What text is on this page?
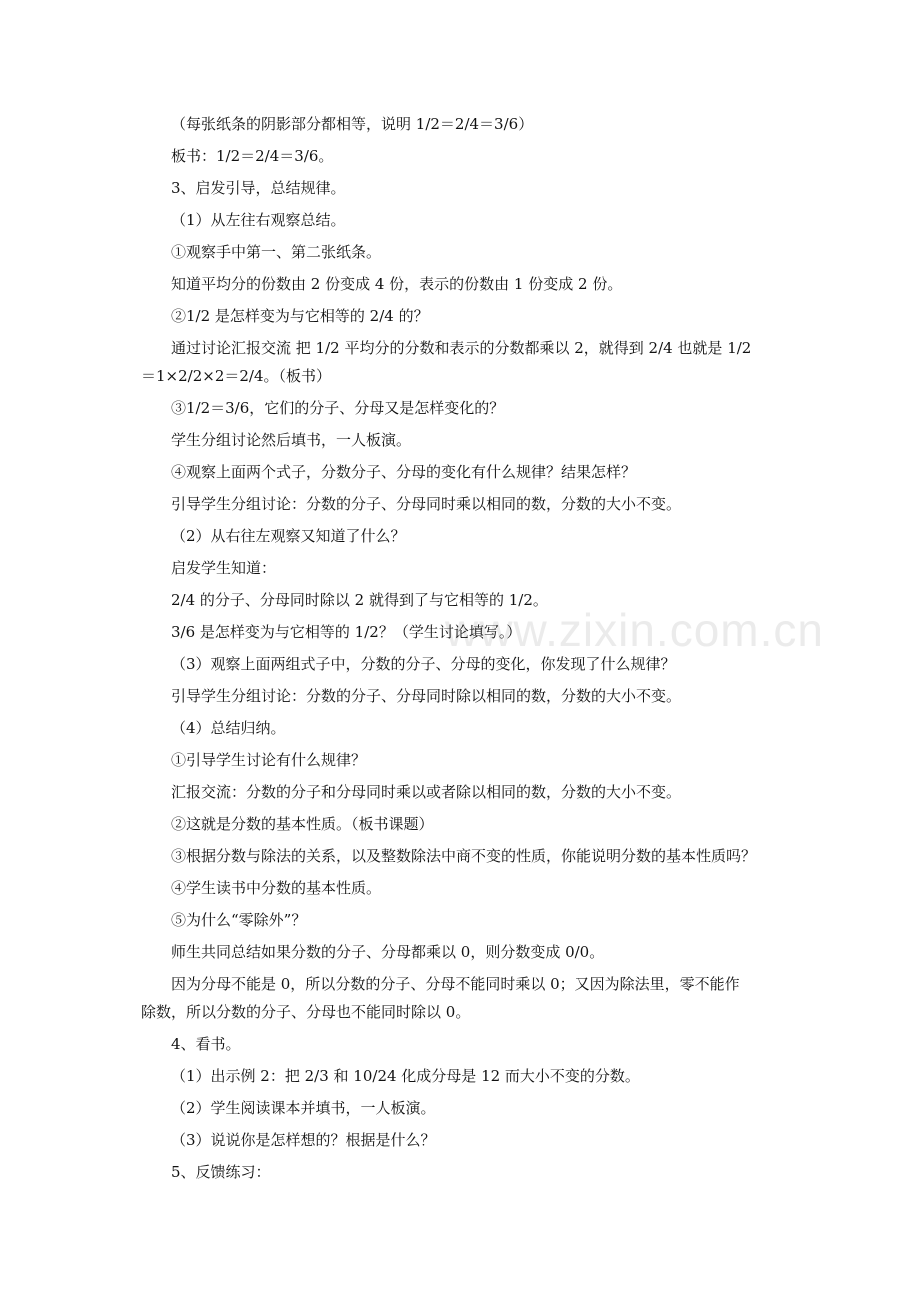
www.zixin.com.cn
（每张纸条的阴影部分都相等，说明 1/2＝2/4＝3/6）
板书：1/2＝2/4＝3/6。
3、启发引导，总结规律。
（1）从左往右观察总结。
①观察手中第一、第二张纸条。
知道平均分的份数由 2 份变成 4 份，表示的份数由 1 份变成 2 份。
②1/2 是怎样变为与它相等的 2/4 的？
通过讨论汇报交流 把 1/2 平均分的分数和表示的分数都乘以 2，就得到 2/4 也就是 1/2
＝1×2/2×2＝2/4。（板书）
③1/2＝3/6，它们的分子、分母又是怎样变化的？
学生分组讨论然后填书，一人板演。
④观察上面两个式子，分数分子、分母的变化有什么规律？结果怎样？
引导学生分组讨论：分数的分子、分母同时乘以相同的数，分数的大小不变。
（2）从右往左观察又知道了什么？
启发学生知道：
2/4 的分子、分母同时除以 2 就得到了与它相等的 1/2。
3/6 是怎样变为与它相等的 1/2？（学生讨论填写。）
（3）观察上面两组式子中，分数的分子、分母的变化，你发现了什么规律？
引导学生分组讨论：分数的分子、分母同时除以相同的数，分数的大小不变。
（4）总结归纳。
①引导学生讨论有什么规律？
汇报交流：分数的分子和分母同时乘以或者除以相同的数，分数的大小不变。
②这就是分数的基本性质。（板书课题）
③根据分数与除法的关系，以及整数除法中商不变的性质，你能说明分数的基本性质吗？
④学生读书中分数的基本性质。
⑤为什么“零除外”？
师生共同总结如果分数的分子、分母都乘以 0，则分数变成 0/0。
因为分母不能是 0，所以分数的分子、分母不能同时乘以 0；又因为除法里，零不能作
除数，所以分数的分子、分母也不能同时除以 0。
4、看书。
（1）出示例 2：把 2/3 和 10/24 化成分母是 12 而大小不变的分数。
（2）学生阅读课本并填书，一人板演。
（3）说说你是怎样想的？根据是什么？
5、反馈练习：
